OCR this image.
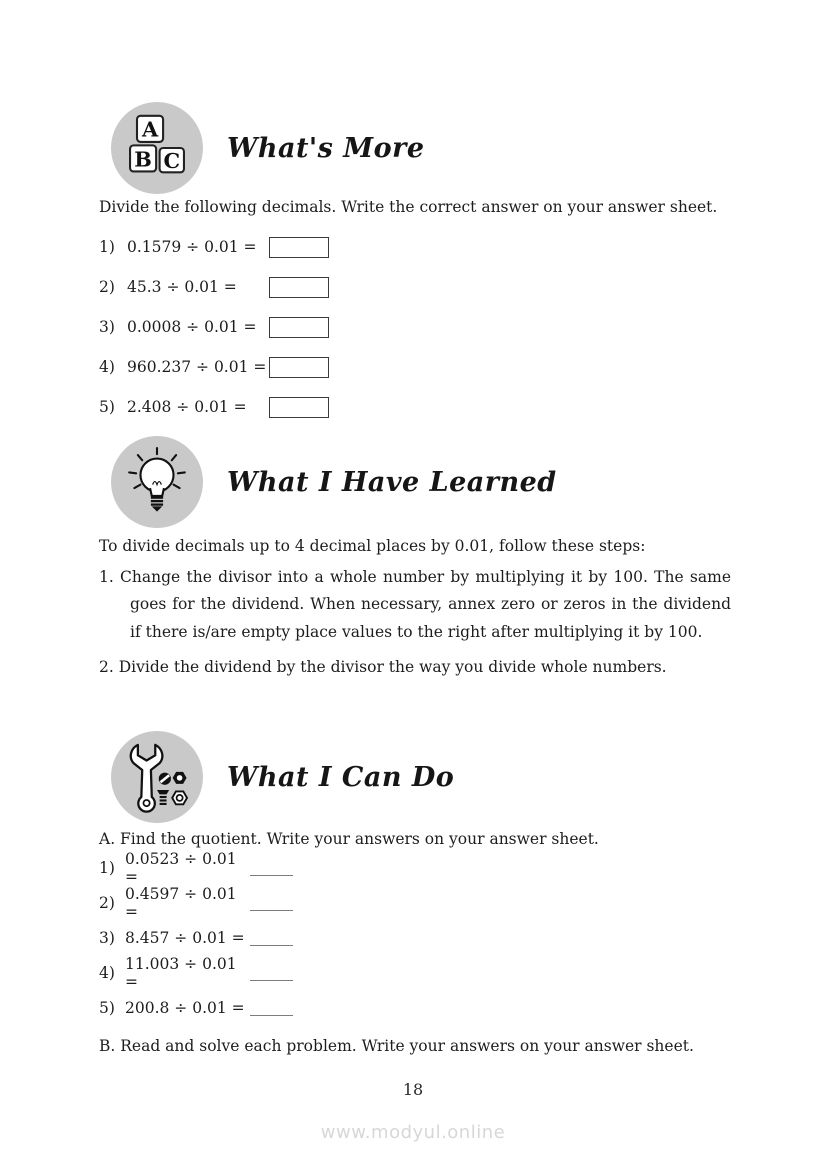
A
B C What's More
Divide the following decimals. Write the correct answer on your answer sheet.
1) 0.1579 ÷ 0.01 =
2) 45.3 ÷ 0.01 =
3) 0.0008 ÷ 0.01 =
4) 960.237 ÷ 0.01 =
5) 2.408 ÷ 0.01 =
What I Have Learned
To divide decimals up to 4 decimal places by 0.01, follow these steps:
1. Change the divisor into a whole number by multiplying it by 100. The same goes for the dividend. When necessary, annex zero or zeros in the dividend if there is/are empty place values to the right after multiplying it by 100.
2. Divide the dividend by the divisor the way you divide whole numbers.
What I Can Do
A. Find the quotient. Write your answers on your answer sheet.
1) 0.0523 ÷ 0.01 =
2) 0.4597 ÷ 0.01 =
3) 8.457 ÷ 0.01 =
4) 11.003 ÷ 0.01 =
5) 200.8 ÷ 0.01 =
B. Read and solve each problem. Write your answers on your answer sheet.
18
www.modyul.online
